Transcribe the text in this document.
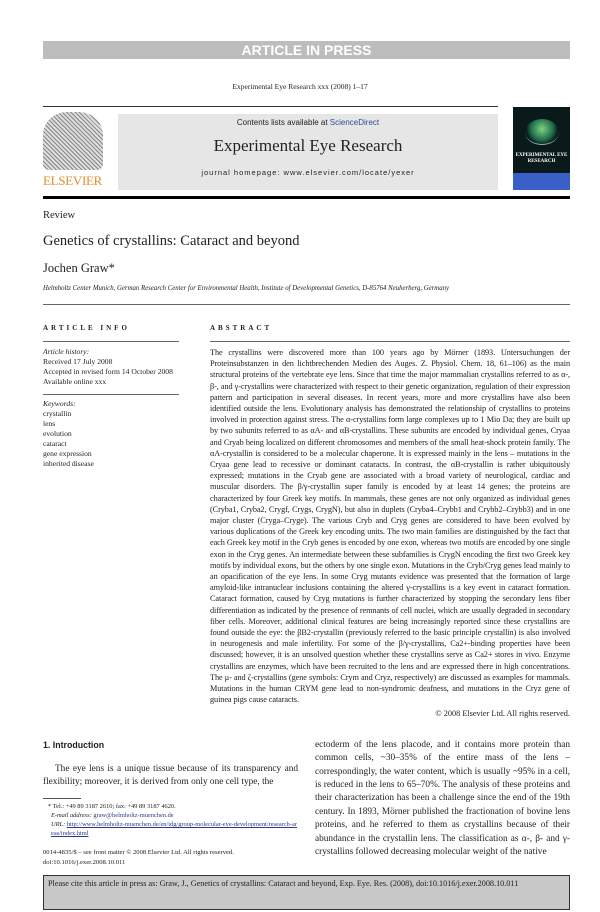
ARTICLE IN PRESS
Experimental Eye Research xxx (2008) 1–17
ELSEVIER
Contents lists available at ScienceDirect
Experimental Eye Research
journal homepage: www.elsevier.com/locate/yexer
EXPERIMENTAL EYE RESEARCH
Review
Genetics of crystallins: Cataract and beyond
Jochen Graw*
Helmholtz Center Munich, German Research Center for Environmental Health, Institute of Developmental Genetics, D-85764 Neuherberg, Germany
ARTICLE INFO	ABSTRACT
Article history:
Received 17 July 2008
Accepted in revised form 14 October 2008
Available online xxx
Keywords:
crystallin
lens
evolution
cataract
gene expression
inherited disease
The crystallins were discovered more than 100 years ago by Mörner (1893. Untersuchungen der Proteinsubstanzen in den lichtbrechenden Medien des Auges. Z. Physiol. Chem. 18, 61–106) as the main structural proteins of the vertebrate eye lens. Since that time the major mammalian crystallins referred to as α-, β-, and γ-crystallins were characterized with respect to their genetic organization, regulation of their expression pattern and participation in several diseases. In recent years, more and more crystallins have also been identified outside the lens. Evolutionary analysis has demonstrated the relationship of crystallins to proteins involved in protection against stress. The α-crystallins form large complexes up to 1 Mio Da; they are built up by two subunits referred to as αA- and αB-crystallins. These subunits are encoded by individual genes, Cryaa and Cryab being localized on different chromosomes and members of the small heat-shock protein family. The αA-crystallin is considered to be a molecular chaperone. It is expressed mainly in the lens – mutations in the Cryaa gene lead to recessive or dominant cataracts. In contrast, the αB-crystallin is rather ubiquitously expressed; mutations in the Cryab gene are associated with a broad variety of neurological, cardiac and muscular disorders. The β/γ-crystallin super family is encoded by at least 14 genes; the proteins are characterized by four Greek key motifs. In mammals, these genes are not only organized as individual genes (Cryba1, Cryba2, Crygf, Crygs, CrygN), but also in duplets (Cryba4–Crybb1 and Crybb2–Crybb3) and in one major cluster (Cryga–Cryge). The various Cryb and Cryg genes are considered to have been evolved by various duplications of the Greek key encoding units. The two main families are distinguished by the fact that each Greek key motif in the Cryb genes is encoded by one exon, whereas two motifs are encoded by one single exon in the Cryg genes. An intermediate between these subfamilies is CrygN encoding the first two Greek key motifs by individual exons, but the others by one single exon. Mutations in the Cryb/Cryg genes lead mainly to an opacification of the eye lens. In some Cryg mutants evidence was presented that the formation of large amyloid-like intranuclear inclusions containing the altered γ-crystallins is a key event in cataract formation. Cataract formation, caused by Cryg mutations is further characterized by stopping the secondary lens fiber differentiation as indicated by the presence of remnants of cell nuclei, which are usually degraded in secondary fiber cells. Moreover, additional clinical features are being increasingly reported since these crystallins are found outside the eye: the βB2-crystallin (previously referred to the basic principle crystallin) is also involved in neurogenesis and male infertility. For some of the β/γ-crystallins, Ca2+-binding properties have been discussed; however, it is an unsolved question whether these crystallins serve as Ca2+ stores in vivo. Enzyme crystallins are enzymes, which have been recruited to the lens and are expressed there in high concentrations. The μ- and ζ-crystallins (gene symbols: Crym and Cryz, respectively) are discussed as examples for mammals. Mutations in the human CRYM gene lead to non-syndromic deafness, and mutations in the Cryz gene of guinea pigs cause cataracts.
© 2008 Elsevier Ltd. All rights reserved.
1. Introduction
The eye lens is a unique tissue because of its transparency and flexibility; moreover, it is derived from only one cell type, the
* Tel.: +49 89 3187 2610; fax: +49 89 3187 4620.
E-mail address: graw@helmholtz-muenchen.de
URL: http://www.helmholtz-muenchen.de/en/idg/group-molecular-eye-development/research-areas/index.html
0014-4835/$ – see front matter © 2008 Elsevier Ltd. All rights reserved.
doi:10.1016/j.exer.2008.10.011
ectoderm of the lens placode, and it contains more protein than common cells, ~30–35% of the entire mass of the lens – correspondingly, the water content, which is usually ~95% in a cell, is reduced in the lens to 65–70%. The analysis of these proteins and their characterization has been a challenge since the end of the 19th century. In 1893, Mörner published the fractionation of bovine lens proteins, and he referred to them as crystallins because of their abundance in the crystallin lens. The classification as α-, β- and γ-crystallins followed decreasing molecular weight of the native
Please cite this article in press as: Graw, J., Genetics of crystallins: Cataract and beyond, Exp. Eye. Res. (2008), doi:10.1016/j.exer.2008.10.011
